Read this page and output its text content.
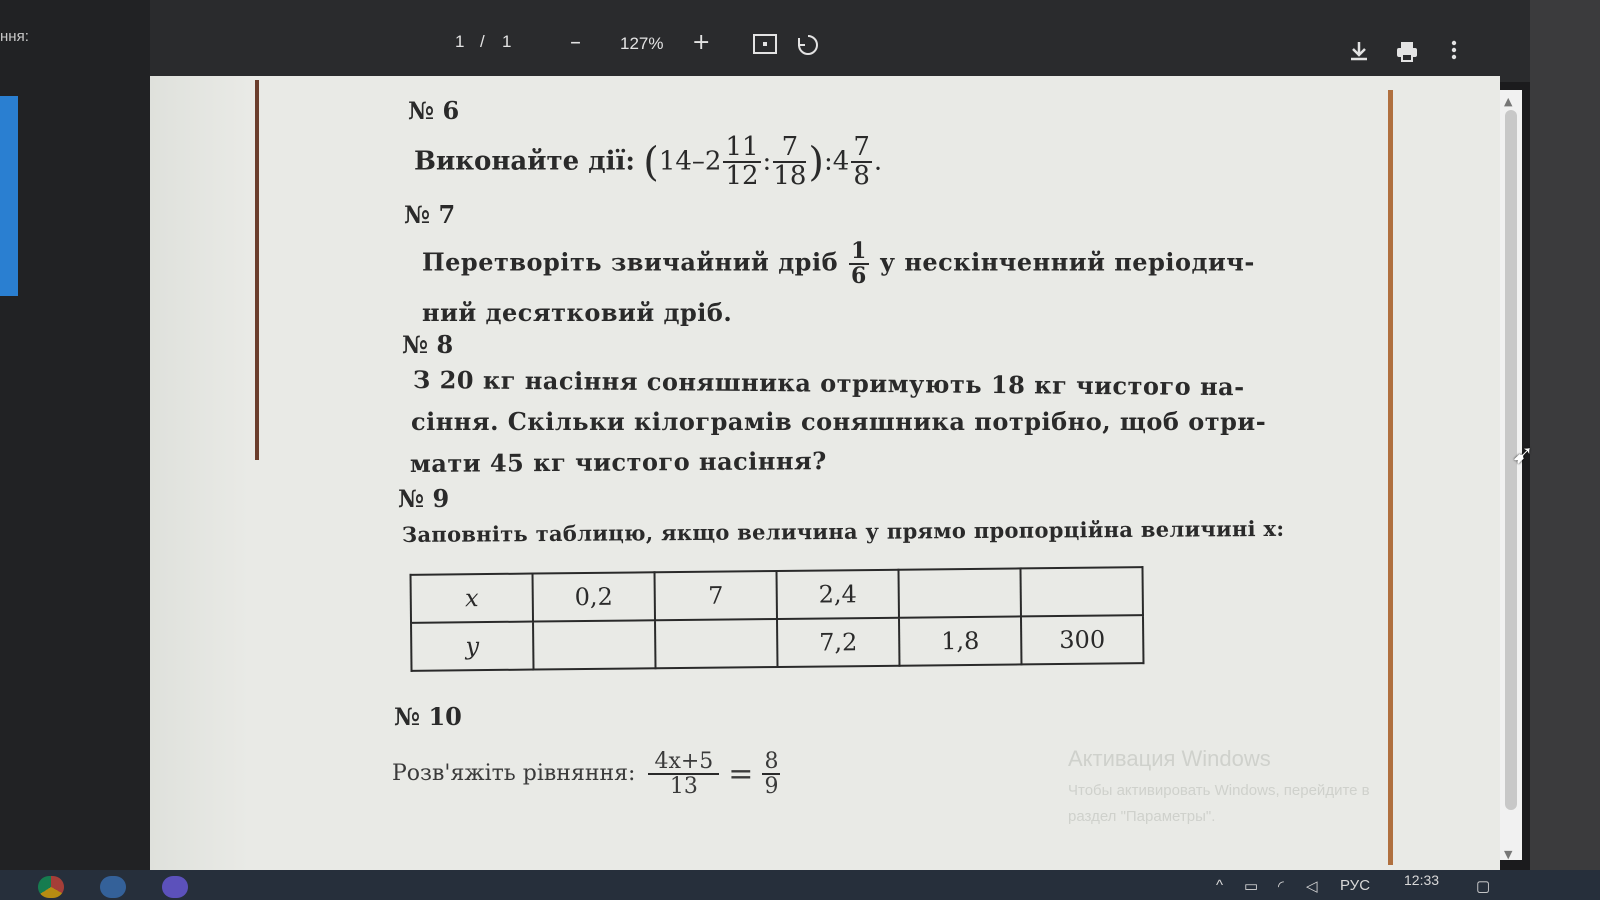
ння:	1 / 1	– 127% +
▲
▼
№ 6
Виконайте дії: ($14-2 \frac{11}{12}$ : $\frac{7}{18}$ ):4 $\frac{7}{8}$ .
№ 7
Перетворіть звичайний дріб $\frac{1}{6}$ у нескінченний періодич-
ний десятковий дріб.
№ 8
З 20 кг насіння соняшника отримують 18 кг чистого на-
сіння. Скільки кілограмів соняшника потрібно, щоб отри-
мати 45 кг чистого насіння?
№ 9
Заповніть таблицю, якщо величина у прямо пропорційна величині x:
x	0,2	7	2,4		
y			7,2	1,8	300
№ 10
Розв'яжіть рівняння: $\frac{4x+5}{13} = \frac{8}{9}$	Активация Windows
Чтобы активировать Windows, перейдите в
раздел "Параметры".
➹
^ ▭ ◜ ◁ РУС 12:33 ▢
